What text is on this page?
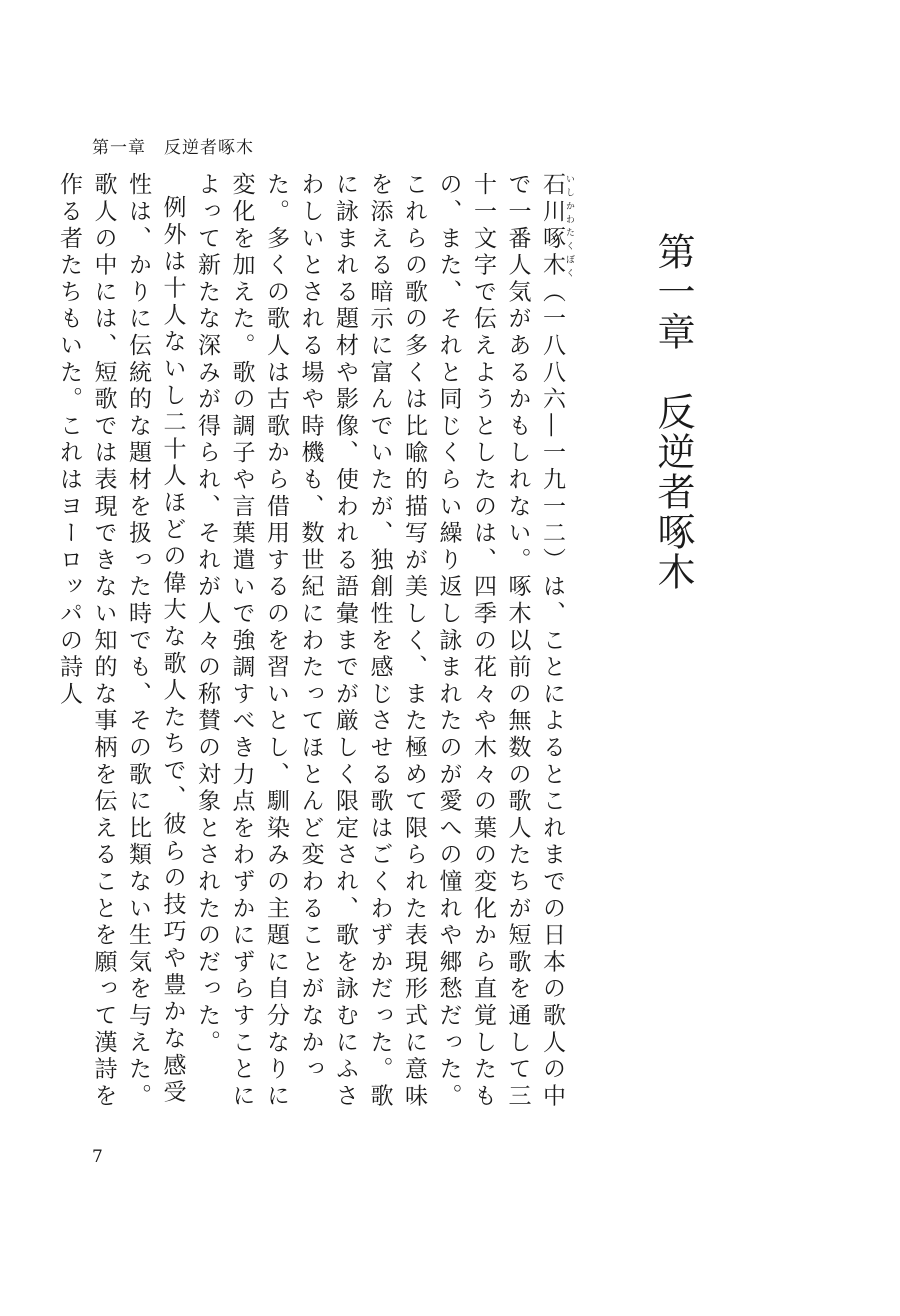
第一章　反逆者啄木
第一章　反逆者啄木

石川啄木 いしかわたくぼく（一八八六―一九一二）は、ことによるとこれまでの日本の歌人の中で一番人気があるかもしれない。啄木以前の無数の歌人たちが短歌を通して三十一文字で伝えようとしたのは、四季の花々や木々の葉の変化から直覚したもの、また、それと同じくらい繰り返し詠まれたのが愛への憧れや郷愁だった。これらの歌の多くは比喩的描写が美しく、また極めて限られた表現形式に意味を添える暗示に富んでいたが、独創性を感じさせる歌はごくわずかだった。歌に詠まれる題材や影像、使われる語彙までが厳しく限定され、歌を詠むにふさわしいとされる場や時機も、数世紀にわたってほとんど変わることがなかった。多くの歌人は古歌から借用するのを習いとし、馴染みの主題に自分なりに変化を加えた。歌の調子や言葉遣いで強調すべき力点をわずかにずらすことによって新たな深みが得られ、それが人々の称賛の対象とされたのだった。

例外は十人ないし二十人ほどの偉大な歌人たちで、彼らの技巧や豊かな感受性は、かりに伝統的な題材を扱った時でも、その歌に比類ない生気を与えた。歌人の中には、短歌では表現できない知的な事柄を伝えることを願って漢詩を作る者たちもいた。これはヨーロッパの詩人

7
